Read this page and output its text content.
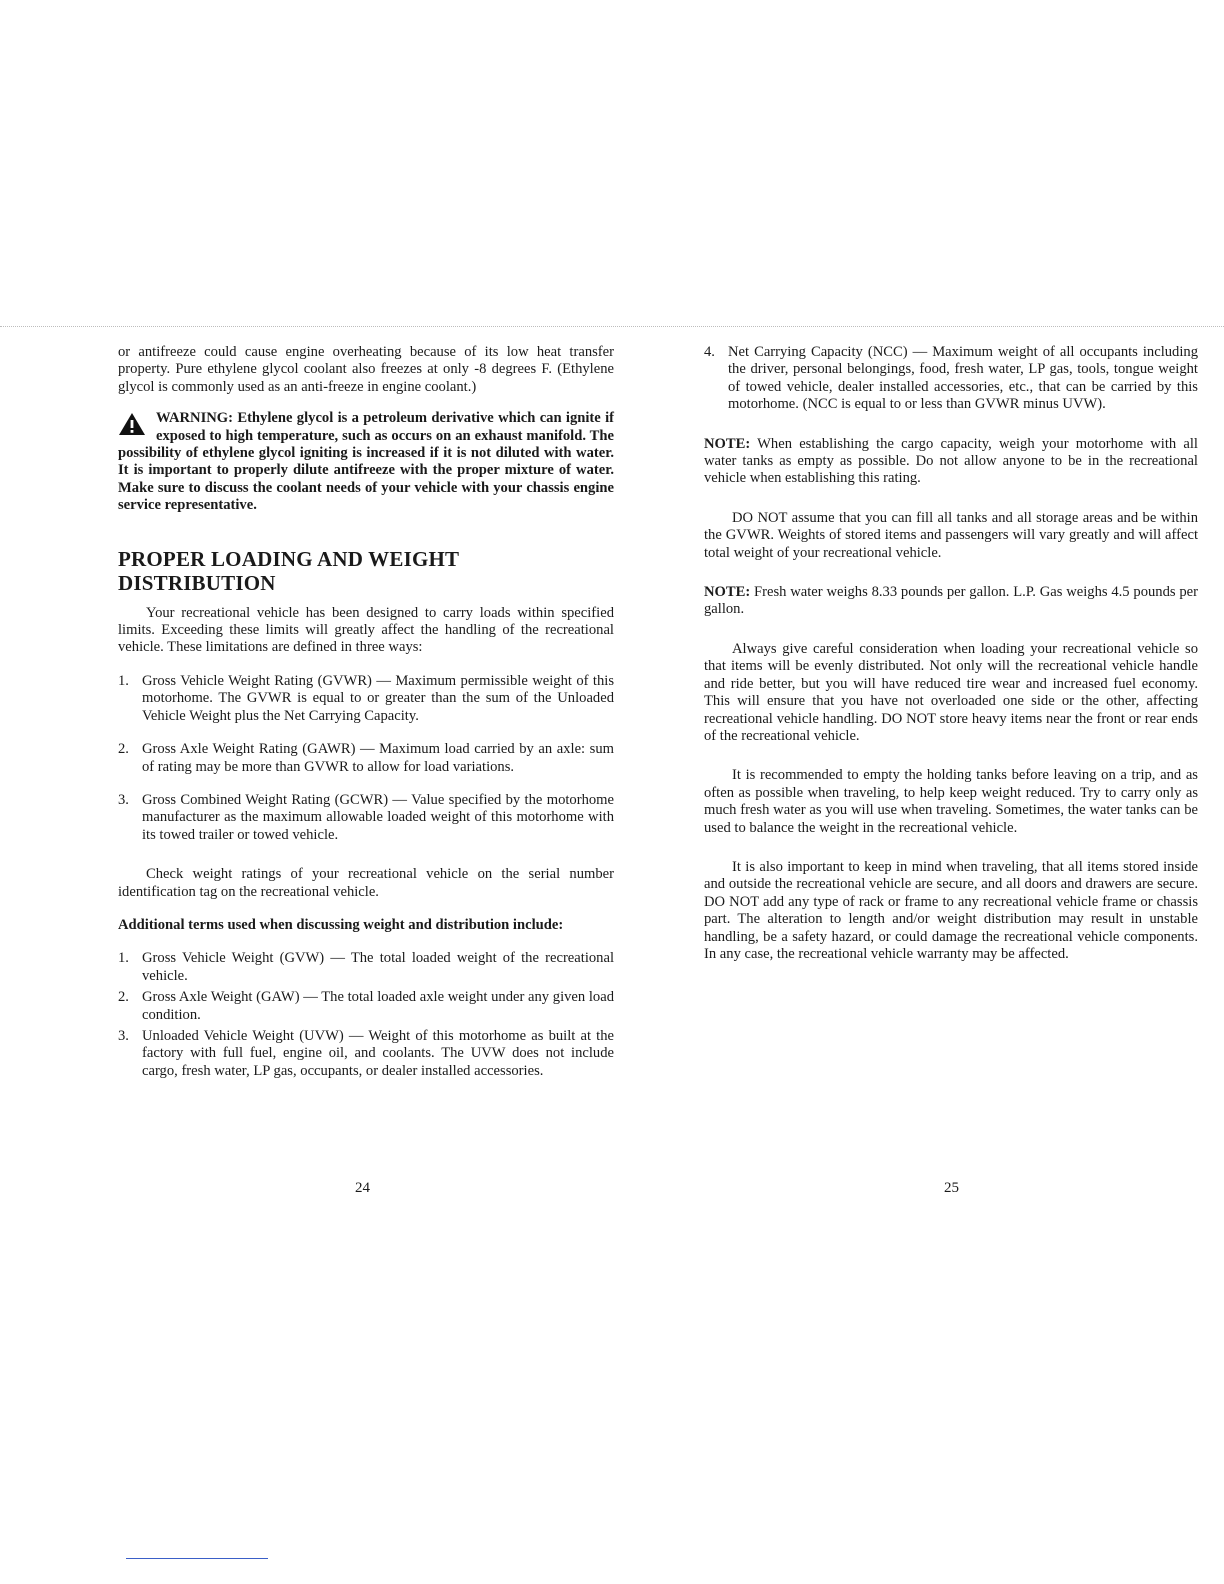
or antifreeze could cause engine overheating because of its low heat transfer property. Pure ethylene glycol coolant also freezes at only -8 degrees F. (Ethylene glycol is commonly used as an anti-freeze in engine coolant.)

WARNING: Ethylene glycol is a petroleum derivative which can ignite if exposed to high temperature, such as occurs on an exhaust manifold. The possibility of ethylene glycol igniting is increased if it is not diluted with water. It is important to properly dilute antifreeze with the proper mixture of water. Make sure to discuss the coolant needs of your vehicle with your chassis engine service representative.
PROPER LOADING AND WEIGHT DISTRIBUTION

Your recreational vehicle has been designed to carry loads within specified limits. Exceeding these limits will greatly affect the handling of the recreational vehicle. These limitations are defined in three ways:

1. Gross Vehicle Weight Rating (GVWR) — Maximum permissible weight of this motorhome. The GVWR is equal to or greater than the sum of the Unloaded Vehicle Weight plus the Net Carrying Capacity.
2. Gross Axle Weight Rating (GAWR) — Maximum load carried by an axle: sum of rating may be more than GVWR to allow for load variations.
3. Gross Combined Weight Rating (GCWR) — Value specified by the motorhome manufacturer as the maximum allowable loaded weight of this motorhome with its towed trailer or towed vehicle.

Check weight ratings of your recreational vehicle on the serial number identification tag on the recreational vehicle.

Additional terms used when discussing weight and distribution include:

1. Gross Vehicle Weight (GVW) — The total loaded weight of the recreational vehicle.
2. Gross Axle Weight (GAW) — The total loaded axle weight under any given load condition.
3. Unloaded Vehicle Weight (UVW) — Weight of this motorhome as built at the factory with full fuel, engine oil, and coolants. The UVW does not include cargo, fresh water, LP gas, occupants, or dealer installed accessories.
24
4. Net Carrying Capacity (NCC) — Maximum weight of all occupants including the driver, personal belongings, food, fresh water, LP gas, tools, tongue weight of towed vehicle, dealer installed accessories, etc., that can be carried by this motorhome. (NCC is equal to or less than GVWR minus UVW).

NOTE: When establishing the cargo capacity, weigh your motorhome with all water tanks as empty as possible. Do not allow anyone to be in the recreational vehicle when establishing this rating.

DO NOT assume that you can fill all tanks and all storage areas and be within the GVWR. Weights of stored items and passengers will vary greatly and will affect total weight of your recreational vehicle.

NOTE: Fresh water weighs 8.33 pounds per gallon. L.P. Gas weighs 4.5 pounds per gallon.

Always give careful consideration when loading your recreational vehicle so that items will be evenly distributed. Not only will the recreational vehicle handle and ride better, but you will have reduced tire wear and increased fuel economy. This will ensure that you have not overloaded one side or the other, affecting recreational vehicle handling. DO NOT store heavy items near the front or rear ends of the recreational vehicle.

It is recommended to empty the holding tanks before leaving on a trip, and as often as possible when traveling, to help keep weight reduced. Try to carry only as much fresh water as you will use when traveling. Sometimes, the water tanks can be used to balance the weight in the recreational vehicle.

It is also important to keep in mind when traveling, that all items stored inside and outside the recreational vehicle are secure, and all doors and drawers are secure. DO NOT add any type of rack or frame to any recreational vehicle frame or chassis part. The alteration to length and/or weight distribution may result in unstable handling, be a safety hazard, or could damage the recreational vehicle components. In any case, the recreational vehicle warranty may be affected.

25
